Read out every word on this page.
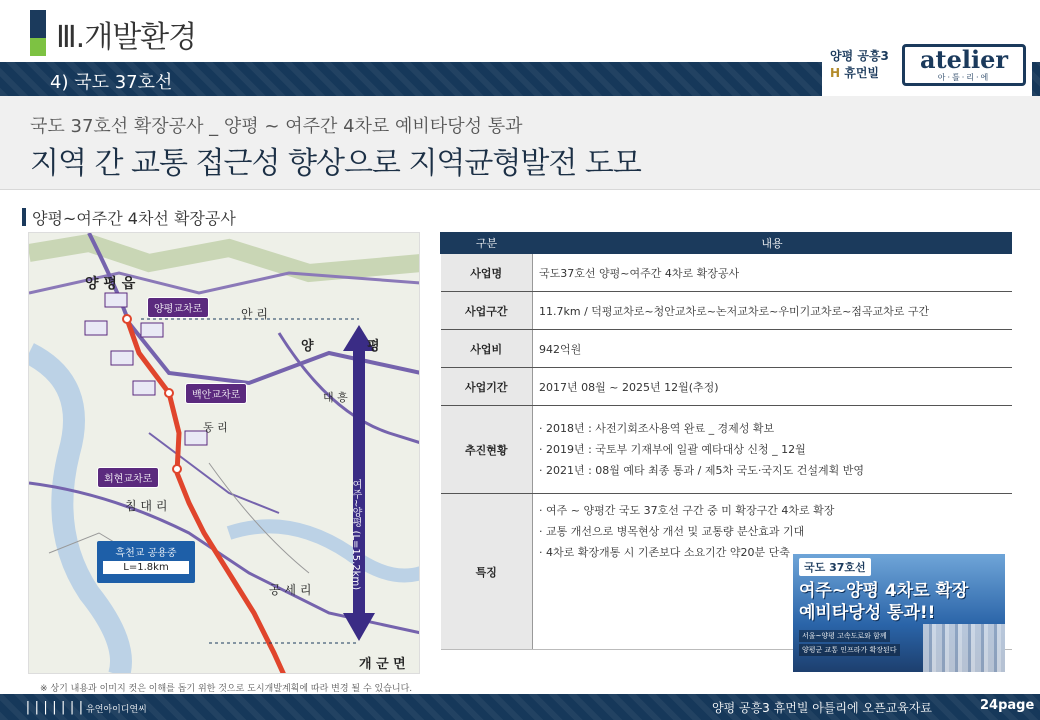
Ⅲ.개발환경
4) 국도 37호선
양평 공흥3
H 휴먼빌	atelier
아·틀·리·에
국도 37호선 확장공사 _ 양평 ~ 여주간 4차로 예비타당성 통과
지역 간 교통 접근성 향상으로 지역균형발전 도모
양평~여주간 4차선 확장공사
양 평 읍
안 리
양	평
대 흥
동 리
침 대 리
공 세 리
개 군 면
양평교차로
백안교차로
회현교차로	여주~양평 (L=15.2km)
흑천교 공용중
L=1.8km
※ 상기 내용과 이미지 컷은 이해를 돕기 위한 것으로 도시개발계획에 따라 변경 될 수 있습니다.
구분	내용
사업명	국도37호선 양평~여주간 4차로 확장공사
사업구간	11.7km / 덕평교차로~청안교차로~논저교차로~우미기교차로~점곡교차로 구간
사업비	942억원
사업기간	2017년 08월 ~ 2025년 12월(추정)
추진현황	· 2018년 : 사전기회조사용역 완료 _ 경제성 확보
· 2019년 : 국토부 기재부에 일괄 예타대상 신청 _ 12월
· 2021년 : 08월 예타 최종 통과 / 제5차 국도·국지도 건설계획 반영

특징	· 여주 ~ 양평간 국도 37호선 구간 중 미 확장구간 4차로 확장
· 교통 개선으로 병목현상 개선 및 교통량 분산효과 기대
· 4차로 확장개통 시 기존보다 소요기간 약20분 단축
국도 37호선
여주~양평 4차로 확장
예비타당성 통과!!
서울~양평 고속도로와 함께
양평군 교통 인프라가 확장된다
||||||| 유연아이디연씨	양평 공흥3 휴먼빌 아틀리에 오픈교육자료	24page
